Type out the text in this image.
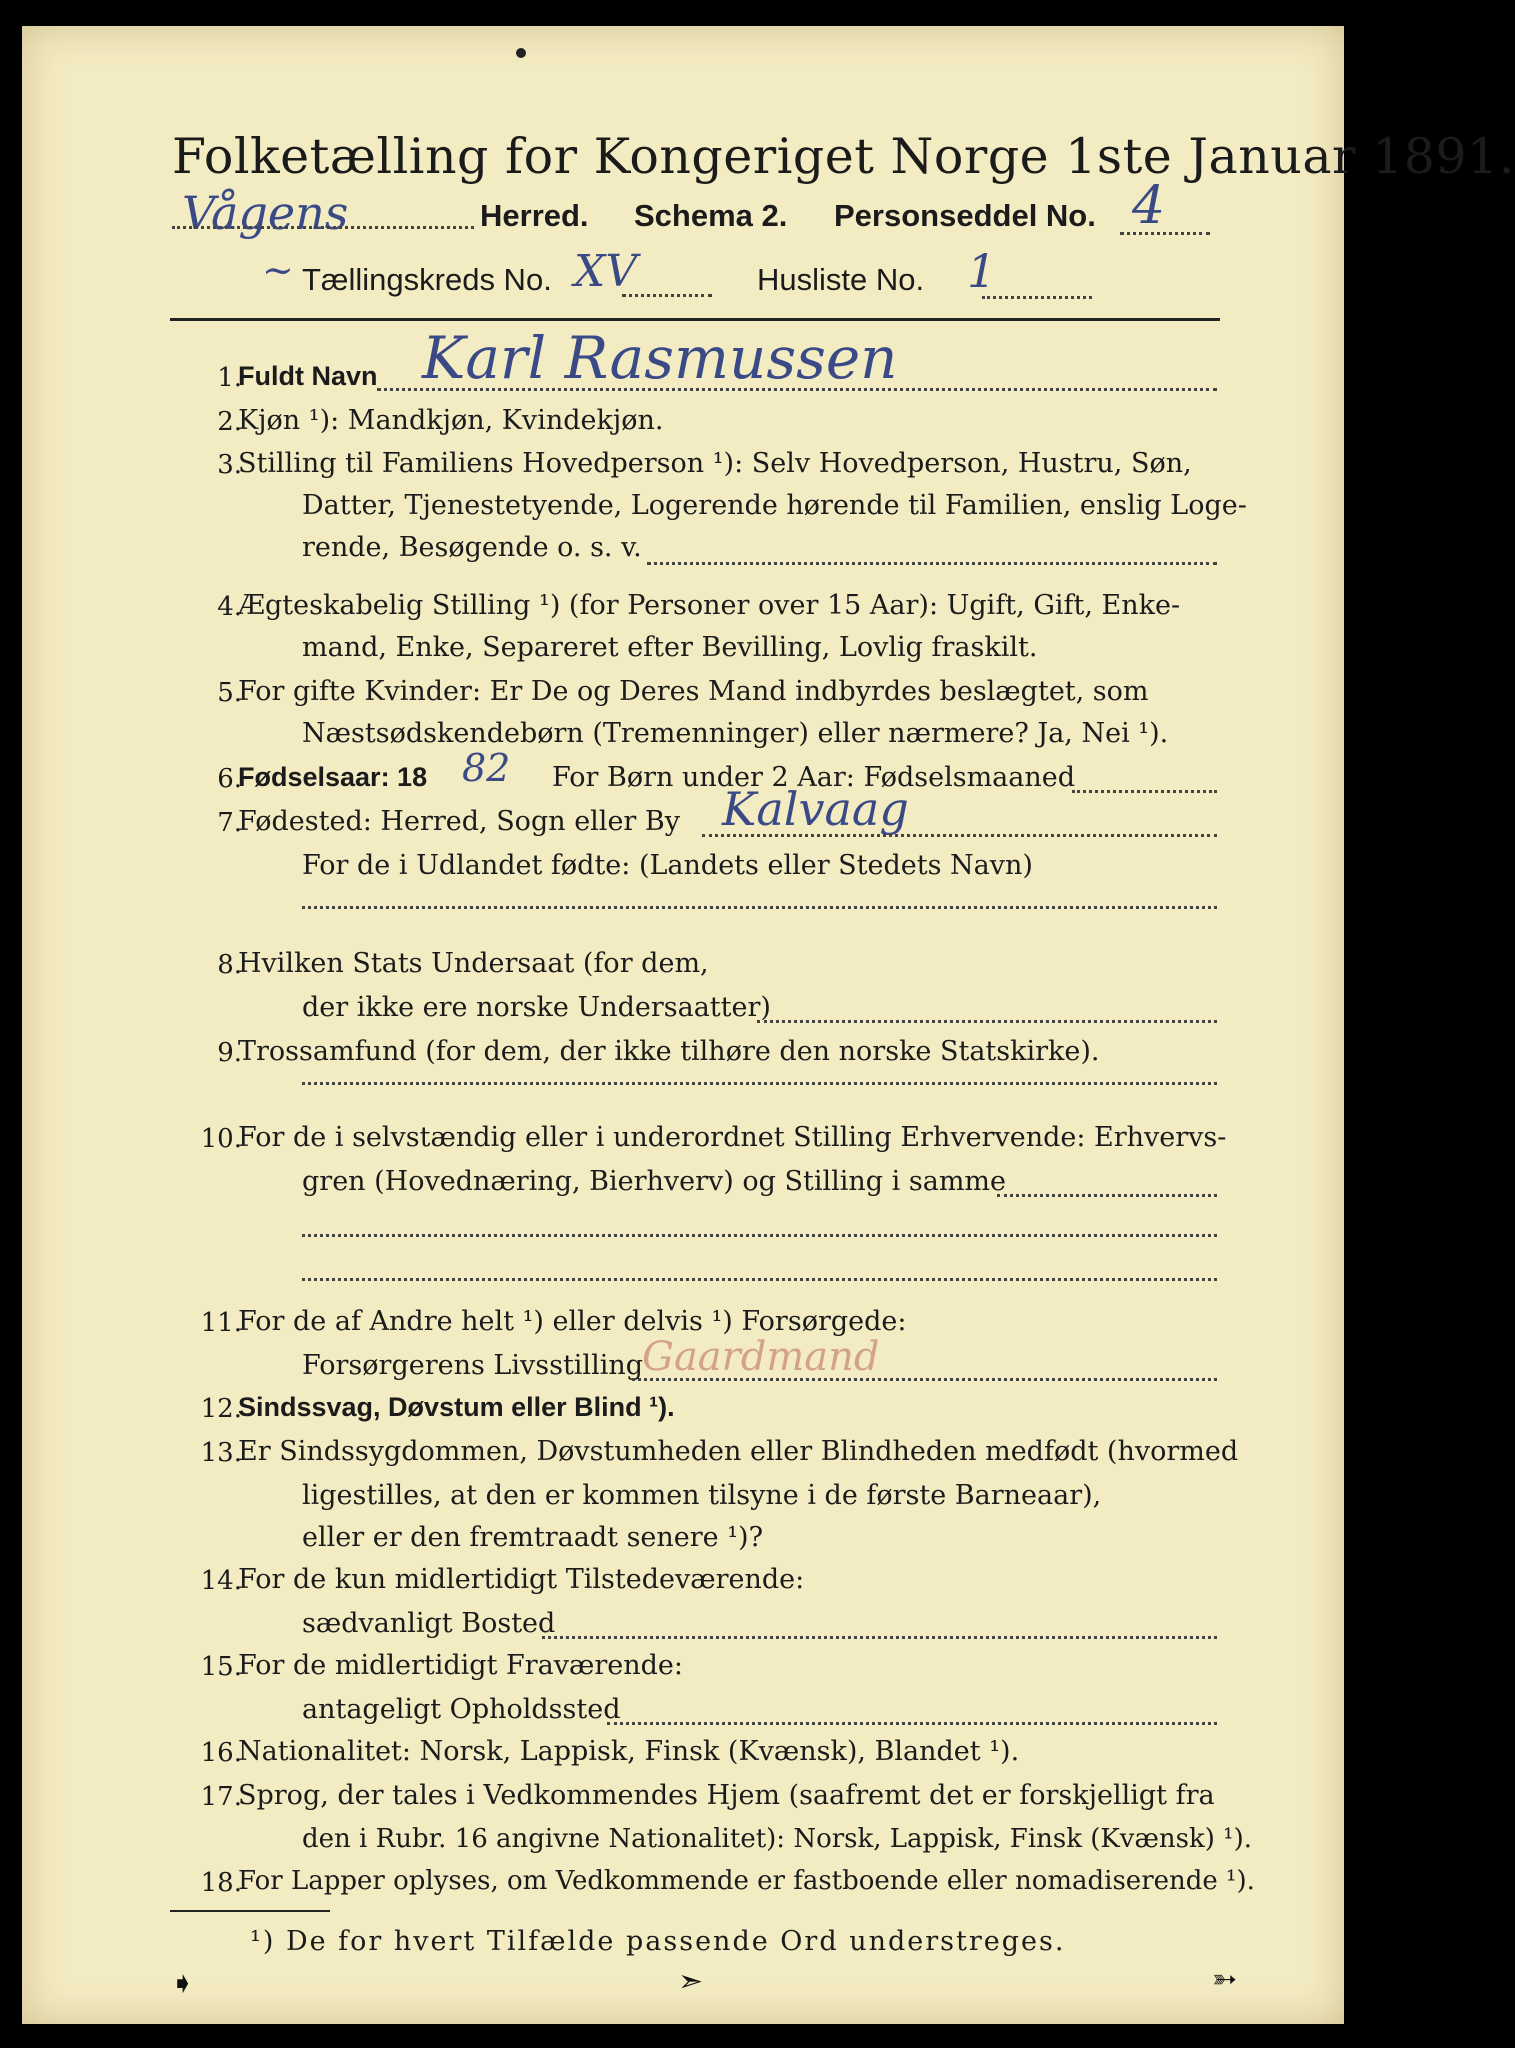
Folketælling for Kongeriget Norge 1ste Januar 1891.
Vågens	Herred. Schema 2. Personseddel No. 4
~ Tællingskreds No. XV	Husliste No. 1
1.
Fuldt Navn Karl Rasmussen
2.
Kjøn ¹): Mandkjøn, Kvindekjøn.
3.
Stilling til Familiens Hovedperson ¹): Selv Hovedperson, Hustru, Søn,
Datter, Tjenestetyende, Logerende hørende til Familien, enslig Loge-
rende, Besøgende o. s. v.
4.
Ægteskabelig Stilling ¹) (for Personer over 15 Aar): Ugift, Gift, Enke-
mand, Enke, Separeret efter Bevilling, Lovlig fraskilt.
5.
For gifte Kvinder: Er De og Deres Mand indbyrdes beslægtet, som
Næstsødskendebørn (Tremenninger) eller nærmere? Ja, Nei ¹).
6.
Fødselsaar: 18 82 For Børn under 2 Aar: Fødselsmaaned
7.
Fødested: Herred, Sogn eller By Kalvaag
For de i Udlandet fødte: (Landets eller Stedets Navn)
8.
Hvilken Stats Undersaat (for dem,
der ikke ere norske Undersaatter)
9.
Trossamfund (for dem, der ikke tilhøre den norske Statskirke).
10.
For de i selvstændig eller i underordnet Stilling Erhvervende: Erhvervs-
gren (Hovednæring, Bierhverv) og Stilling i samme
11.
For de af Andre helt ¹) eller delvis ¹) Forsørgede:
Forsørgerens Livsstilling
Gaardmand
12.
Sindssvag, Døvstum eller Blind ¹).
13.
Er Sindssygdommen, Døvstumheden eller Blindheden medfødt (hvormed
ligestilles, at den er kommen tilsyne i de første Barneaar),
eller er den fremtraadt senere ¹)?
14.
For de kun midlertidigt Tilstedeværende:
sædvanligt Bosted
15.
For de midlertidigt Fraværende:
antageligt Opholdssted
16.
Nationalitet: Norsk, Lappisk, Finsk (Kvænsk), Blandet ¹).
17.
Sprog, der tales i Vedkommendes Hjem (saafremt det er forskjelligt fra
den i Rubr. 16 angivne Nationalitet): Norsk, Lappisk, Finsk (Kvænsk) ¹).
18.
For Lapper oplyses, om Vedkommende er fastboende eller nomadiserende ¹).
¹) De for hvert Tilfælde passende Ord understreges.
➧	➣	➳
